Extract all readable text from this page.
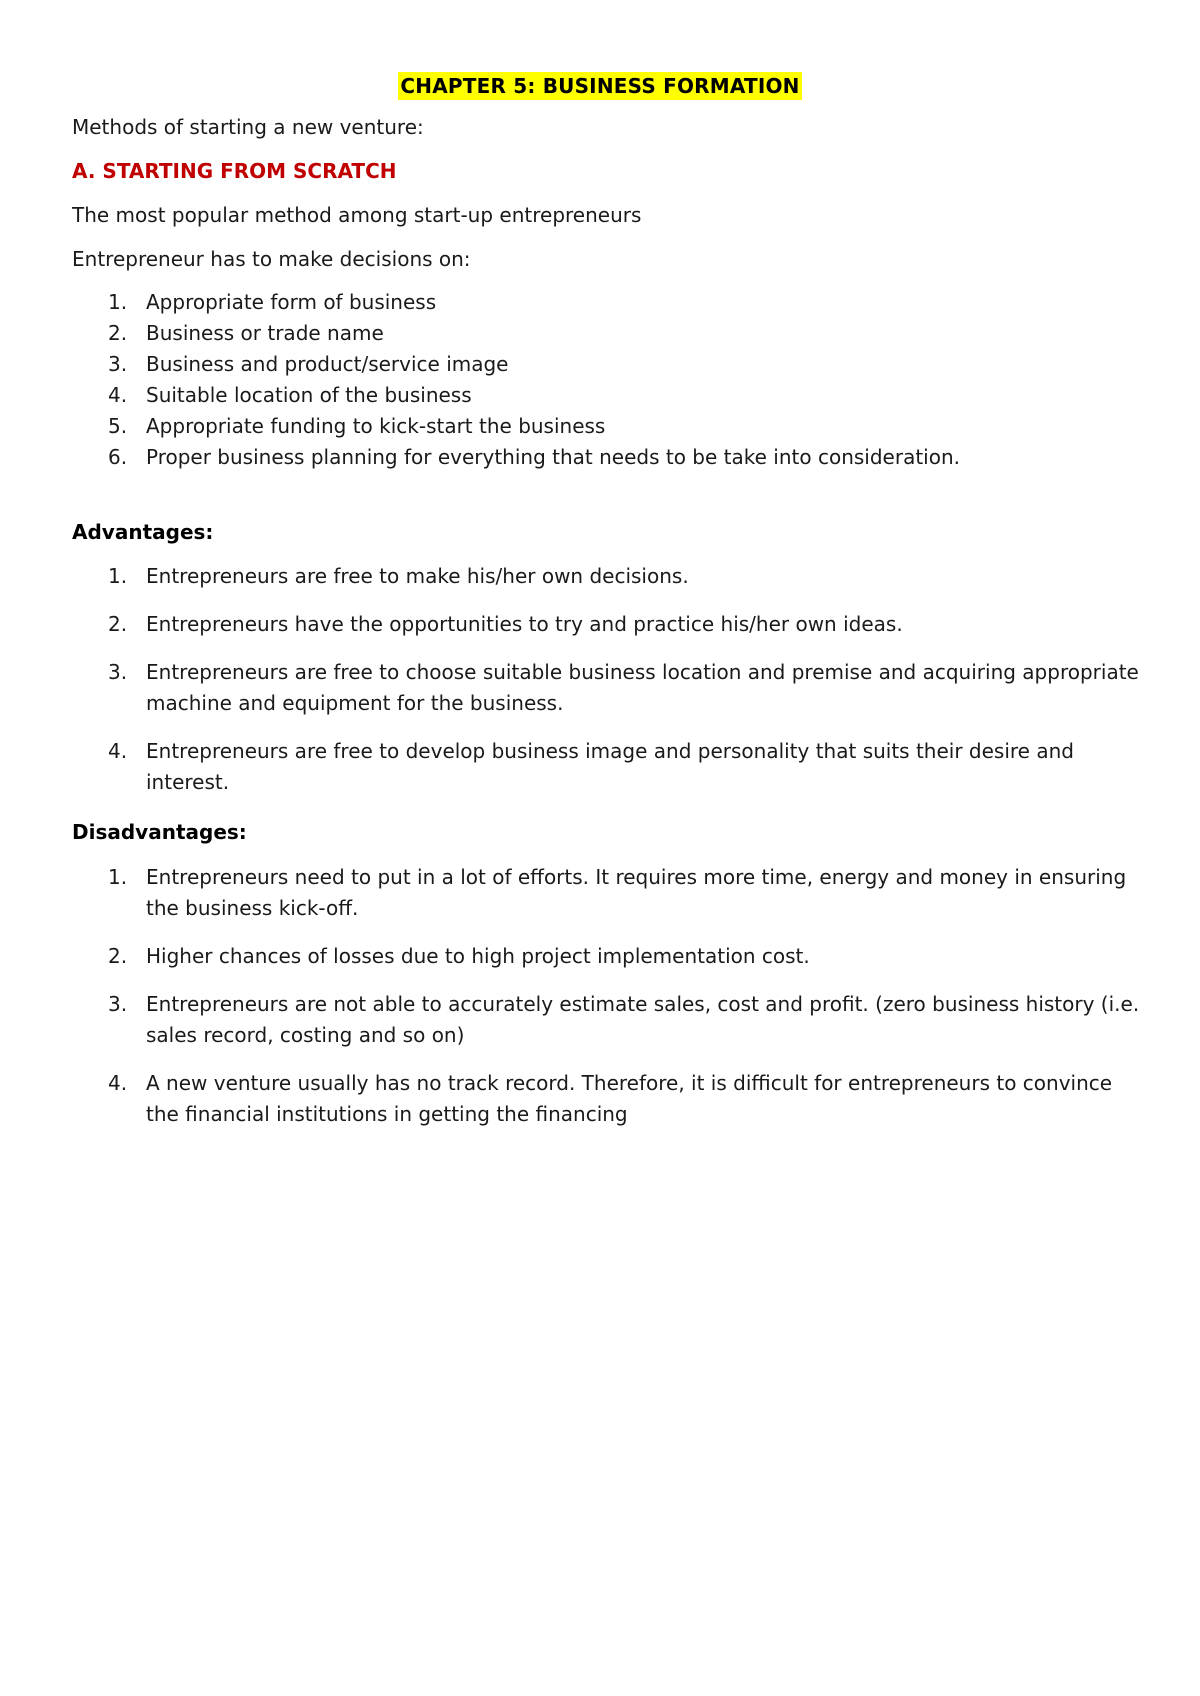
CHAPTER 5: BUSINESS FORMATION

Methods of starting a new venture:

A. STARTING FROM SCRATCH

The most popular method among start-up entrepreneurs

Entrepreneur has to make decisions on:

1. Appropriate form of business
2. Business or trade name
3. Business and product/service image
4. Suitable location of the business
5. Appropriate funding to kick-start the business
6. Proper business planning for everything that needs to be take into consideration.

Advantages:

1. Entrepreneurs are free to make his/her own decisions.
2. Entrepreneurs have the opportunities to try and practice his/her own ideas.
3. Entrepreneurs are free to choose suitable business location and premise and acquiring appropriate machine and equipment for the business.
4. Entrepreneurs are free to develop business image and personality that suits their desire and interest.

Disadvantages:

1. Entrepreneurs need to put in a lot of efforts. It requires more time, energy and money in ensuring the business kick-off.
2. Higher chances of losses due to high project implementation cost.
3. Entrepreneurs are not able to accurately estimate sales, cost and profit. (zero business history (i.e. sales record, costing and so on)
4. A new venture usually has no track record. Therefore, it is difficult for entrepreneurs to convince the financial institutions in getting the financing
